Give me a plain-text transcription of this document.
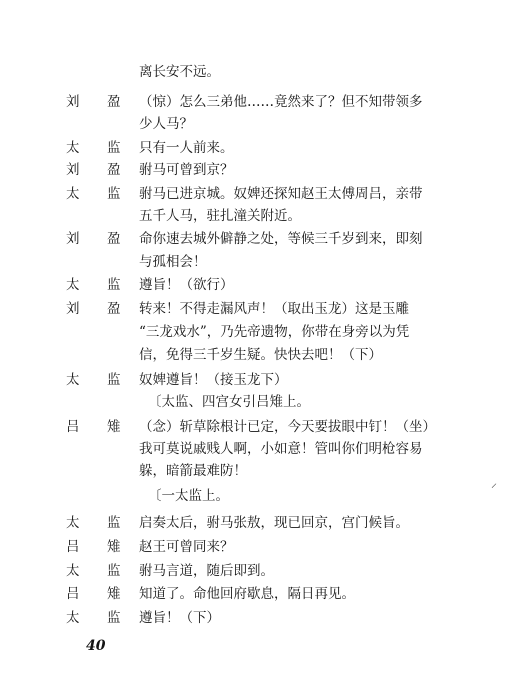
离长安不远。
刘 盈 （惊）怎么三弟他……竟然来了？但不知带领多
少人马？
太 监 只有一人前来。
刘 盈 驸马可曾到京？
太 监 驸马已进京城。奴婢还探知赵王太傅周吕，亲带
五千人马，驻扎潼关附近。
刘 盈 命你速去城外僻静之处，等候三千岁到来，即刻
与孤相会！
太 监 遵旨！（欲行）
刘 盈 转来！不得走漏风声！（取出玉龙）这是玉雕
“三龙戏水”，乃先帝遗物，你带在身旁以为凭
信，免得三千岁生疑。快快去吧！（下）
太 监 奴婢遵旨！（接玉龙下）
〔太监、四宫女引吕雉上。
吕 雉 （念）斩草除根计已定，今天要拔眼中钉！（坐）
我可莫说戚贱人啊，小如意！管叫你们明枪容易
躲，暗箭最难防！
〔一太监上。
太 监 启奏太后，驸马张敖，现已回京，宫门候旨。
吕 雉 赵王可曾同来？
太 监 驸马言道，随后即到。
吕 雉 知道了。命他回府歇息，隔日再见。
太 监 遵旨！（下）
40
⸝
